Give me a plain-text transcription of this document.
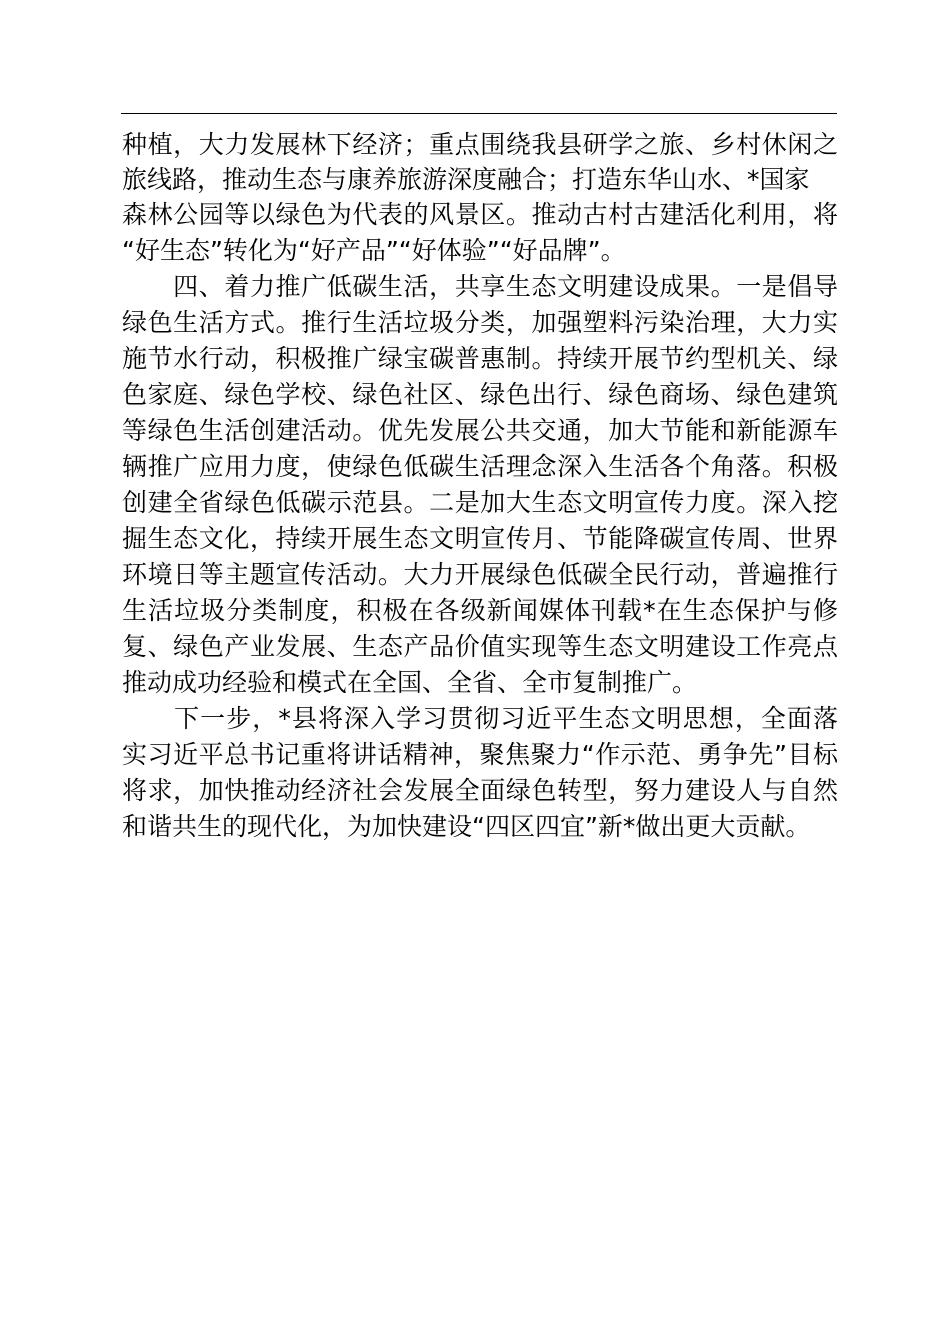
种植，大力发展林下经济；重点围绕我县研学之旅、乡村休闲之
旅线路，推动生态与康养旅游深度融合；打造东华山水、*国家
森林公园等以绿色为代表的风景区。推动古村古建活化利用，将
“好生态”转化为“好产品”“好体验”“好品牌”。
　　四、着力推广低碳生活，共享生态文明建设成果。一是倡导
绿色生活方式。推行生活垃圾分类，加强塑料污染治理，大力实
施节水行动，积极推广绿宝碳普惠制。持续开展节约型机关、绿
色家庭、绿色学校、绿色社区、绿色出行、绿色商场、绿色建筑
等绿色生活创建活动。优先发展公共交通，加大节能和新能源车
辆推广应用力度，使绿色低碳生活理念深入生活各个角落。积极
创建全省绿色低碳示范县。二是加大生态文明宣传力度。深入挖
掘生态文化，持续开展生态文明宣传月、节能降碳宣传周、世界
环境日等主题宣传活动。大力开展绿色低碳全民行动，普遍推行
生活垃圾分类制度，积极在各级新闻媒体刊载*在生态保护与修
复、绿色产业发展、生态产品价值实现等生态文明建设工作亮点
推动成功经验和模式在全国、全省、全市复制推广。
　　下一步，*县将深入学习贯彻习近平生态文明思想，全面落
实习近平总书记重将讲话精神，聚焦聚力“作示范、勇争先”目标
将求，加快推动经济社会发展全面绿色转型，努力建设人与自然
和谐共生的现代化，为加快建设“四区四宜”新*做出更大贡献。
